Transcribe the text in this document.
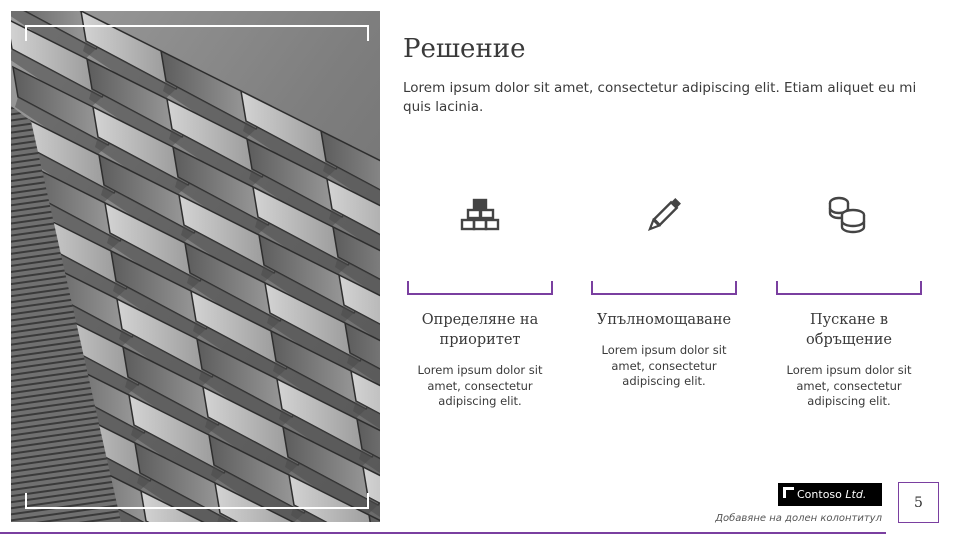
Решение

Lorem ipsum dolor sit amet, consectetur adipiscing elit. Etiam aliquet eu mi quis lacinia.

Определяне на приоритет
Lorem ipsum dolor sit amet, consectetur adipiscing elit.
Упълномощаване
Lorem ipsum dolor sit amet, consectetur adipiscing elit.
Пускане в обръщение
Lorem ipsum dolor sit amet, consectetur adipiscing elit.
Contoso Ltd.
Добавяне на долен колонтитул
5
